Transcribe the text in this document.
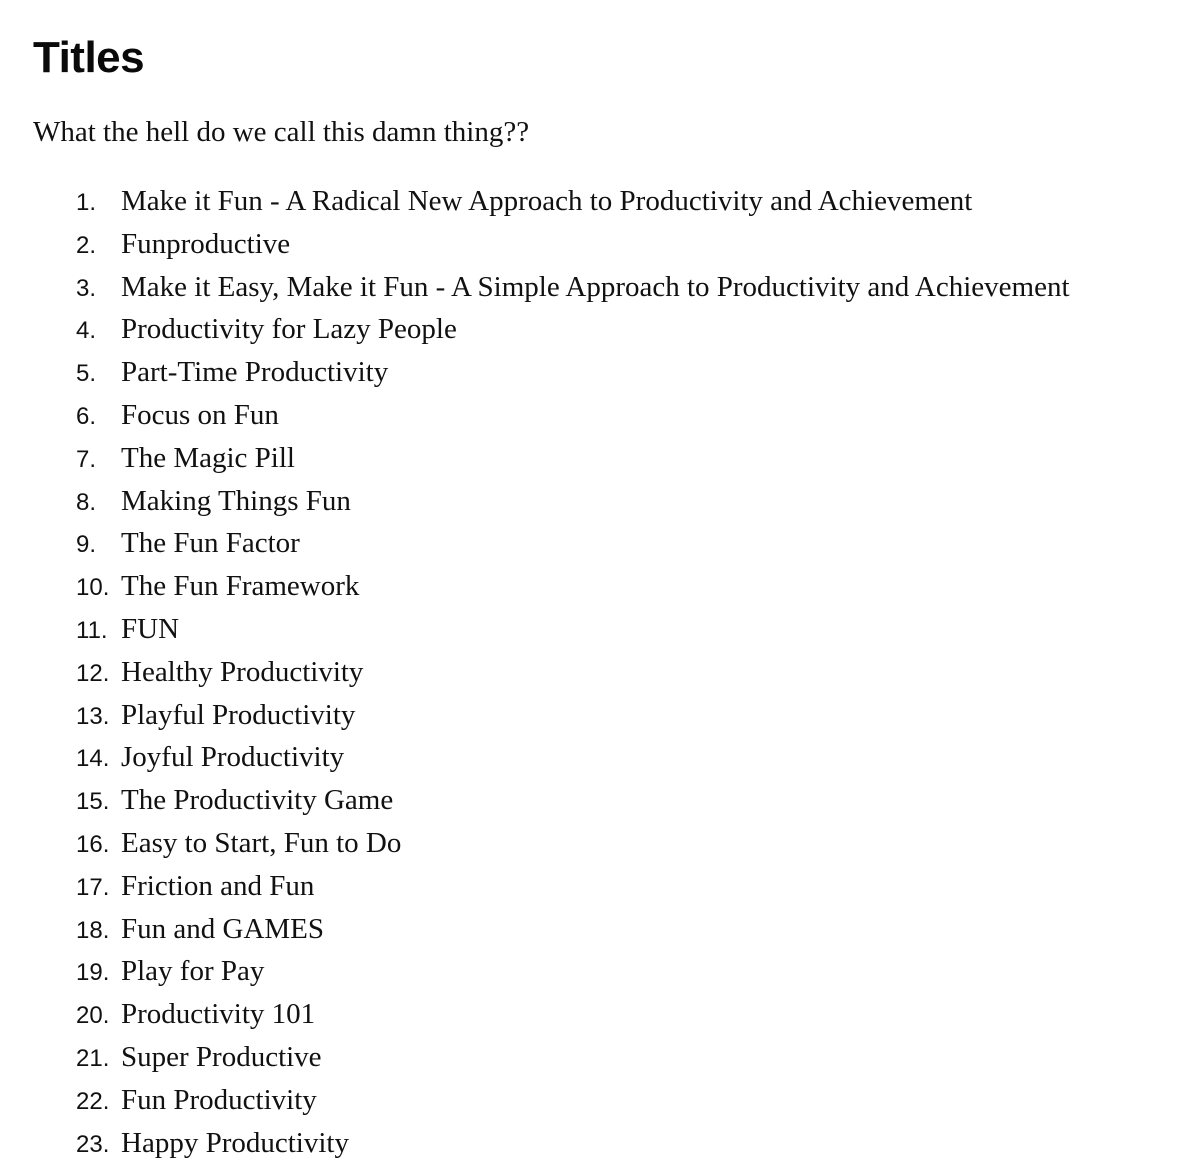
Titles

What the hell do we call this damn thing??

1. Make it Fun - A Radical New Approach to Productivity and Achievement
2. Funproductive
3. Make it Easy, Make it Fun - A Simple Approach to Productivity and Achievement
4. Productivity for Lazy People
5. Part-Time Productivity
6. Focus on Fun
7. The Magic Pill
8. Making Things Fun
9. The Fun Factor
10. The Fun Framework
11. FUN
12. Healthy Productivity
13. Playful Productivity
14. Joyful Productivity
15. The Productivity Game
16. Easy to Start, Fun to Do
17. Friction and Fun
18. Fun and GAMES
19. Play for Pay
20. Productivity 101
21. Super Productive
22. Fun Productivity
23. Happy Productivity
